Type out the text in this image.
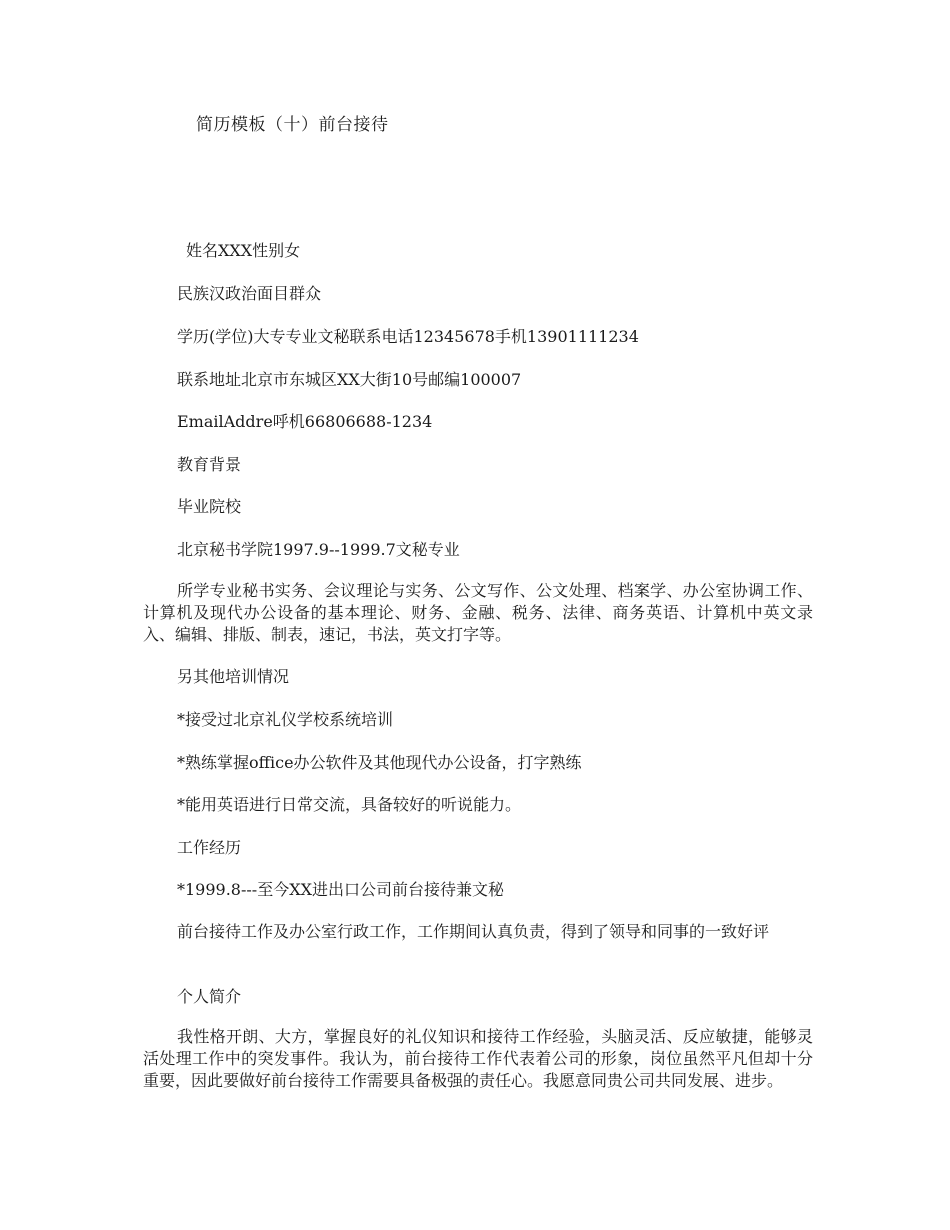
简历模板（十）前台接待
姓名XXX性别女
民族汉政治面目群众
学历(学位)大专专业文秘联系电话12345678手机13901111234
联系地址北京市东城区XX大街10号邮编100007
EmailAddre呼机66806688-1234
教育背景
毕业院校
北京秘书学院1997.9--1999.7文秘专业
所学专业秘书实务、会议理论与实务、公文写作、公文处理、档案学、办公室协调工作、计算机及现代办公设备的基本理论、财务、金融、税务、法律、商务英语、计算机中英文录入、编辑、排版、制表，速记，书法，英文打字等。
另其他培训情况
*接受过北京礼仪学校系统培训
*熟练掌握office办公软件及其他现代办公设备，打字熟练
*能用英语进行日常交流，具备较好的听说能力。
工作经历
*1999.8---至今XX进出口公司前台接待兼文秘
前台接待工作及办公室行政工作，工作期间认真负责，得到了领导和同事的一致好评
个人简介
我性格开朗、大方，掌握良好的礼仪知识和接待工作经验，头脑灵活、反应敏捷，能够灵活处理工作中的突发事件。我认为，前台接待工作代表着公司的形象，岗位虽然平凡但却十分重要，因此要做好前台接待工作需要具备极强的责任心。我愿意同贵公司共同发展、进步。
